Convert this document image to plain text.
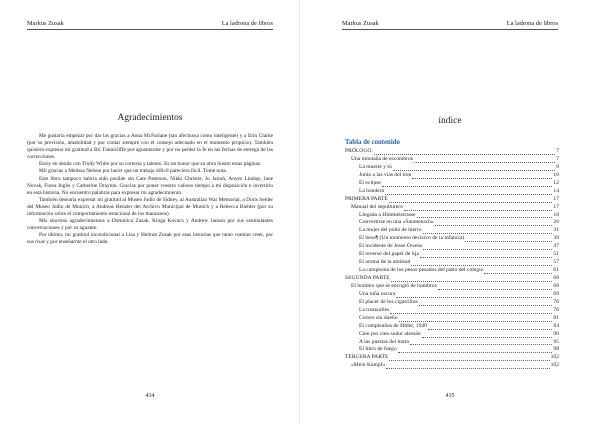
Markus Zusak	La ladrona de libros
Agradecimientos

Me gustaría empezar por dar las gracias a Anna McFarlane (tan afectuosa como inteligente) y a Erin Clarke (por su previsión, amabilidad y por contar siempre con el consejo adecuado en el momento propicio). También quisiera expresar mi gratitud a Bri Tunnicliffe por aguantarme y por no perder la fe en las fechas de entrega de las correcciones.

Estoy en deuda con Trudy White por su cortesía y talento. Es un honor que su obra ilustre estas páginas.

Mil gracias a Melissa Nelson por hacer que un trabajo difícil pareciera fácil. Tomé nota.

Este libro tampoco habría sido posible sin Cate Paterson, Nikki Christer, Jo Jarrah, Anyez Lindop, Jane Novak, Fiona Inglis y Catherine Drayton. Gracias por poner vuestro valioso tiempo a mi disposición e invertirlo en esta historia. No encuentro palabras para expresar mi agradecimiento.

También desearía expresar mi gratitud al Museo Judío de Sidney, al Australian War Memorial, a Doris Seider del Museo Judío de Munich, a Andreas Heusler del Archivo Municipal de Munich y a Rebecca Biehler (por su información sobre el comportamiento estacional de los manzanos).

Mis sinceros agradecimientos a Dominica Zusak, Kinga Kovacs y Andrew Janson por sus estimulantes conversaciones y por su aguante.

Por último, mi gratitud incondicional a Lisa y Helmut Zusak por esas historias que tanto cuestan creer, por sus risas y por enseñarme el otro lado.

434
Markus Zusak	La ladrona de libros
índice
435
Tabla de contenido
PRÓLOGO.	7
Una montaña de escombros	7
La muerte y tú	8
Junto a las vías del tren	10
El eclipse	12
La bandera	14
PRIMERA PARTE	17
Manual del sepulturero	17
Llegada a Himmelstrasse	18
Convertirse en una «Saumensch»	26
La mujer del puño de hierro	31
El beso¶ (Un momento decisivo de la infancia)	39
El incidente de Jesse Owens	47
El reverso del papel de lija	51
El aroma de la amistad	57
La campeona de los pesos pesados del patio del colegio	61
SEGUNDA PARTE	68
El hombre que se encogió de hombros	68
Una niña oscura	69
El placer de los cigarrillos	76
La trotacalles	76
Correo sin dueño	81
El cumpleaños de Hitler, 1940	84
Cien por cien sudor alemán	90
A las puertas del hurto	95
El libro de fuego	98
TERCERA PARTE	102
«Mein Kampf»	102
